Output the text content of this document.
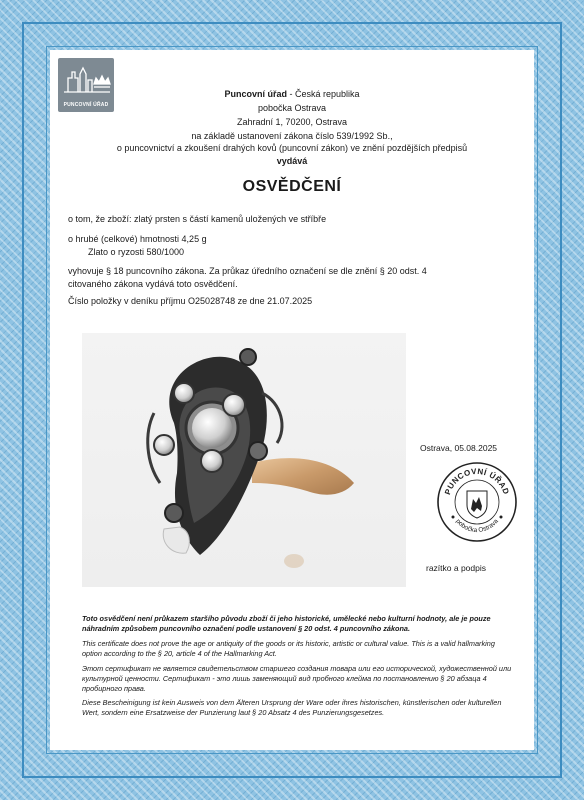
PUNCOVNÍ ÚŘAD
Puncovní úřad - Česká republika
pobočka Ostrava
Zahradní 1, 70200, Ostrava
na základě ustanovení zákona číslo 539/1992 Sb.,
o puncovnictví a zkoušení drahých kovů (puncovní zákon) ve znění pozdějších předpisů
vydává
OSVĚDČENÍ
o tom, že zboží: zlatý prsten s částí kamenů uložených ve stříbře
o hrubé (celkové) hmotnosti 4,25 g
Zlato o ryzosti 580/1000
vyhovuje § 18 puncovního zákona. Za průkaz úředního označení se dle znění § 20 odst. 4
citovaného zákona vydává toto osvědčení.
Číslo položky v deníku příjmu O25028748 ze dne 21.07.2025
Ostrava, 05.08.2025
PUNCOVNÍ ÚŘAD
pobočka Ostrava
razítko a podpis
Toto osvědčení není průkazem staršího původu zboží či jeho historické, umělecké nebo kulturní hodnoty, ale je pouze náhradním způsobem puncovního označení podle ustanovení § 20 odst. 4 puncovního zákona.
This certificate does not prove the age or antiquity of the goods or its historic, artistic or cultural value. This is a valid hallmarking option according to the § 20, article 4 of the Hallmarking Act.
Этот сертификат не является свидетельством старшего создания товара или его исторической, художественной или культурной ценности. Сертификат - это лишь заменяющий вид пробного клейма по постановлению § 20 абзаца 4 пробирного права.
Diese Bescheinigung ist kein Ausweis von dem Älteren Ursprung der Ware oder ihres historischen, künstlerischen oder kulturellen Wert, sondern eine Ersatzweise der Punzierung laut § 20 Absatz 4 des Punzierungsgesetzes.
